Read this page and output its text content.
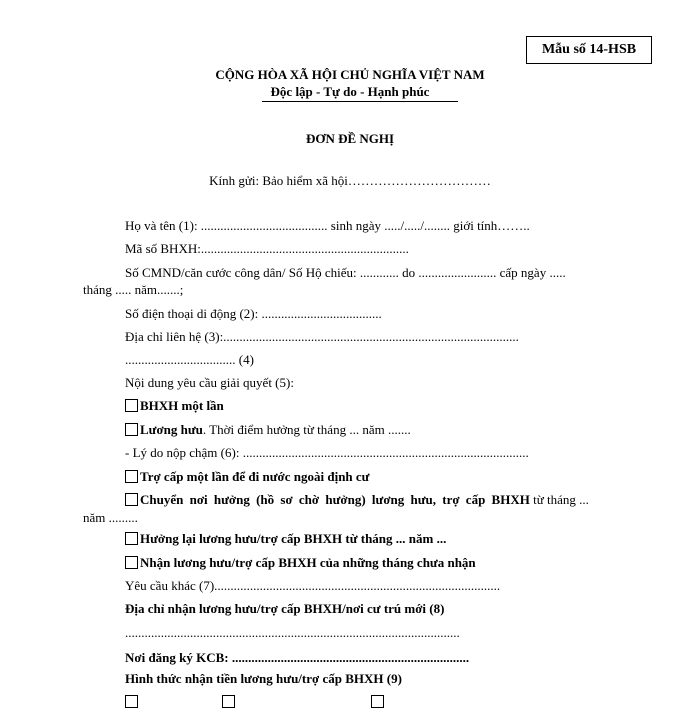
Mẫu số 14-HSB
CỘNG HÒA XÃ HỘI CHỦ NGHĨA VIỆT NAM
Độc lập - Tự do - Hạnh phúc
ĐƠN ĐỀ NGHỊ
Kính gửi: Bảo hiểm xã hội……………………………
Họ và tên (1): ....................................... sinh ngày ...../...../........ giới tính……..
Mã số BHXH:................................................................
Số CMND/căn cước công dân/ Số Hộ chiếu: ............ do ........................ cấp ngày .....
tháng ..... năm.......;
Số điện thoại di động (2): .....................................
Địa chỉ liên hệ (3):...........................................................................................
.................................. (4)
Nội dung yêu cầu giải quyết (5):
BHXH một lần
Lương hưu. Thời điểm hưởng từ tháng ... năm .......
- Lý do nộp chậm (6): ........................................................................................
Trợ cấp một lần để đi nước ngoài định cư
Chuyển nơi hưởng (hồ sơ chờ hưởng) lương hưu, trợ cấp BHXH từ tháng ...
năm .........
Hưởng lại lương hưu/trợ cấp BHXH từ tháng ... năm ...
Nhận lương hưu/trợ cấp BHXH của những tháng chưa nhận
Yêu cầu khác (7)........................................................................................
Địa chỉ nhận lương hưu/trợ cấp BHXH/nơi cư trú mới (8)
.......................................................................................................
Nơi đăng ký KCB: .........................................................................
Hình thức nhận tiền lương hưu/trợ cấp BHXH (9)
